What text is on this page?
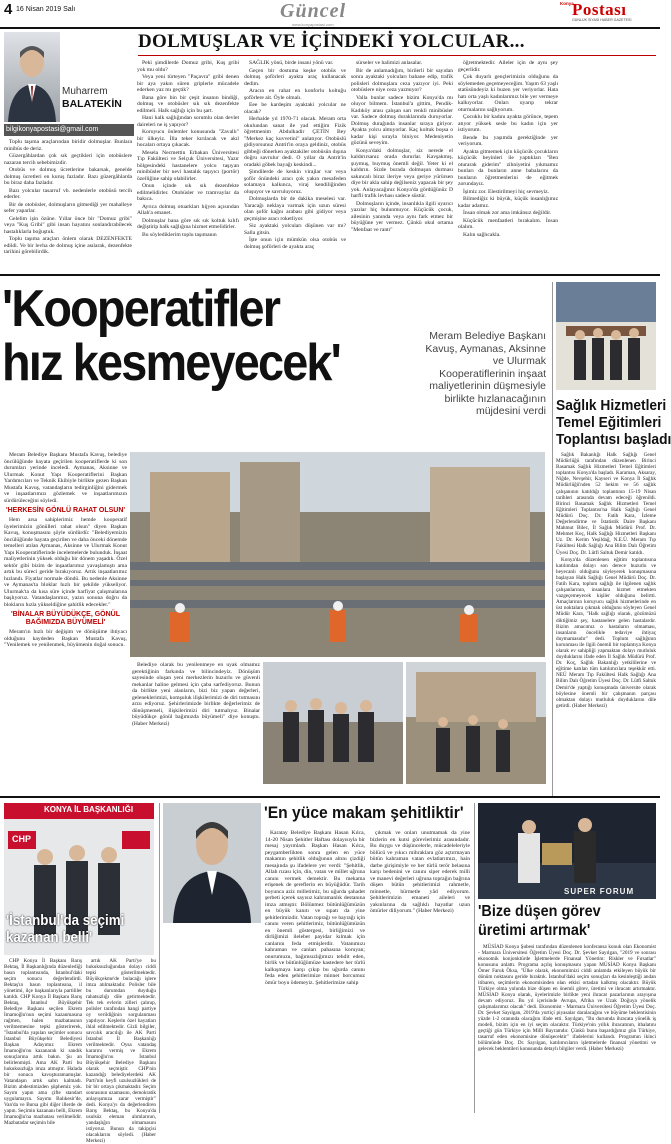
4 16 Nisan 2019 Salı	Güncel
www.konyapostasi.com
Konya
Postası
GÜNLÜK SİYASİ HABER GAZETESİ
DOLMUŞLAR VE İÇİNDEKİ YOLCULAR...
Muharrem
BALATEKİN
bilgikonyapostasi@gmail.com

Toplu taşıma araçlarından biridir dolmuşlar. Bunlara minibüs de deriz.

Güzergâhlardan çok sık geçtikleri için otobüslere nazaran tercih sebebimizdir.

Otobüs ve dolmuş ücretlerine bakarsak, genelde dolmuş ücretleri en kuruş fazladır. Bazı güzergâhlarda bu biraz daha fazladır.

Bazı yolcular tasarruf vb. nedenlerle otobüsü tercih ederler.

Bir de otobüsler, dolmuşların gitmediği yer mahalleye sefer yaparlar.

Gelelim işin özüne. Yıllar önce bir "Domuz gribi" veya "Kuş Gribi" gibi insan hayatını sonlandırabilecek hastalıklarla boğuştuk.

Toplu taşıma araçları önlem olarak DEZENFEKTE edildi. Ve bir levha de dolmuş içine asılarak, dezenfekte tarihini görebilirdik.

Peki şimdilerde Domuz gribi, Kuş gribi yok mu oldu?

Veya yeni türteyen "Paçavra" gribi denen bir aya yakın süren griplerle mücadele ederken yaz mı geçtik?

Bana göre bin bir çeşit insanın bindiği, dolmuş ve otobüsler sık sık dezenfekte edilmeli. Halk sağlığı için bu şart.

Hani halk sağlığından sorumlu olan devlet daireleri ne iş yapıyor?

Koruyucu önlemler konusunda "Zavallı" bir ülkeyiz. İlla teker kırılacak ve akıl hocaları ortaya çıkacak.

Mesela Necmettin Erbakan Üniversitesi Tıp Fakültesi ve Selçuk Üniversitesi, Yazır bölgesindeki hastanelere yolcu taşıyan minibüsler bir nevi hastalık taşıyıcı (portör) özelliğine sahip olabilirler.

Onun içinde sık sık dezenfekte edilmelidirler. Otobüsler ve tramvaylar da bakıca.

Ayrıca dolmuş otuarkları hijyen açısından Allah'a emanet.

Dolmuşlar bana göre sık sık koltuk kılıfı değiştirip halk sağlığına hizmet etmelidirler.

Bu söylediklerim toplu taşımanın

SAĞLIK yönü, birde insani yönü var.

Geçen bir dostuma keşke otobüs ve dolmuş şoförleri ayakta araç kullanacak dedim.

Aracın en rahat en konforlu koltuğu şoförlere ait. Öyle olmalı.

Eee be kardeşim ayaktaki yolcular ne olacak?

Herhalde yıl 1970-71 olacak. Meram orta okulundan sanat ile yad ettiğim Fizik öğretmenim Abdulkadir ÇETİN Bey "Merkez kaç kuvvetini" anlatıyor. Otobüslü gidiyorsunuz Antrit'in oraya geldiniz, otobüs gibbeği dönerken ayaktakiler otobüsün dışına doğru savrulur dedi. O yıllar da Antrit'in oradaki göbek bayağı keskindi...

Şimdilerde de keskin virajlar var veya şoför önündeki aracı çok yakın mesafeden solamaya kalkınca, viraj kendiliğinden oluşuyor ve savruluyoruz.

Dolmuşlarda bir de dakika meselesi var. Yaracağı neklaya varmak için uzun süresi olan şoför kağnı arabası gibi gidiyor veya geçmişine aracı roketliyor.

Siz ayaktaki yolcuları düşünen var mı? Salla gitsin.

İşte onun için mümkün olsa otobüs ve dolmuş şoförleri de ayakta araç

sürseler ve halimizi anlasalar.

Bir de anlamadığım, birilerli bir sayıdan sonra ayaktaki yolcuları bahane edip, trafik polisleri dolmuşlara ceza yazıyor iyi. Peki otobüslere niye ceza yazmıyor?

Valla bunlar sadece bizim Konya'da mı oluyor bilmem. İstanbul'a gittim, Pendik-Kadıköy arası çalışan sarı renkli minibüsler var. Sadece dolmuş duraklarında duruyorlar. Dolmuş durağında insanlar sıraya giriyor. Ayakta yolcu almıyorlar. Kaç koltuk boşsa o kadar kişi sırayla biniyor. Medeniyetin gözünü seveyim.

Konya'daki dolmuşlar, siz nerede el kaldırırsanız orada dururlar. Kavşakmış, şuymuş, buymuş önemli değil. Yeter ki el kaldırın. Sizde burada dolmuşun durması sakıncalı biraz ileriye veya geriye yürürsen diye bir akla sahip değilseniz yapacak bir şey yok. Anlayacağınız Konya'da gördüğünüz D harfli trafik levhası sadece süstür.

Dolmuşların içinde, insanlıkla ilgili uyarıcı yazılar hiç bulunmuyor. Küçücük çocuk, ailesinin yanında veya aynı fark etmez bir büyüğüne yer vermez. Çünkü okul ortama "Menfaat ve rantı"

öğretmektedir. Aileler için de aynı şey geçerlidir.

Çok duyarlı gençlerimizin olduğunu da söylemeden geçemeyeceğim. Yaşım 63 yaşlı statüsündeyiz ki buzen yer veriyorlar. Hata hatı orta yaşlı kadınlarımız bile yer vermeye kalkıyorlar. Onları uyarıp tekrar oturmalarını sağlıyorum.

Çocuklu bir kadını ayakta görünce, tepem atıyor yüksek sesle bu kadın için yer istiyorum.

Bende bu yaşımda gerektiğinde yer veriyorum.

Ayakta gitmemek için küçücük çocukların küçücük beyinleri ile yaptıkları "Ben oturarak giderim" zihniyetini yıkmamız bunları da bunların anne babalarını da bunların öğretmenlerini de eğitmek zorundayız.

İşimiz zor. Elestirilmeyi hiç sevmeyiz.

Bilmediğiz ki büyük, küçük insanlığımız kadar adamız.

İnsan olmak zor ama imkânsız değildir.

Küçücük menfaatleri bırakalım. İnsan olalım.

Kalın sağlıcakla.

'Kooperatifler
hız kesmeyecek'	Meram Belediye Başkanı Kavuş, Aymanas, Aksinne ve Ulurmak Kooperatiflerinin inşaat maliyetlerinin düşmesiyle birlikte hızlanacağının müjdesini verdi

Meram Belediye Başkanı Mustafa Kavuş, belediye öncülüğünde hayata geçirilen kooperatiflerde ki son durumları yerinde inceledi. Aymanas, Aksinne ve Ulurmak Konut Yapı Kooperatiflerini Başkan Yardımcıları ve Teknik Ekibiyle birlikte gezen Başkan Mustafa Kavuş, vatandaşların tedirginliğini gidermek ve inşaatlarımızı gözlemek ve inşaatlarımızın sürdürüleceğini söyledi.

'HERKESİN GÖNLÜ RAHAT OLSUN'

Hem arsa sahiplerimiz hemde kooperatif üyelerimizin gönülleri rahat olsun" diyen Başkan Kavuş, konuşmasını şöyle sürdürdü: "Belediyemizin öncülüğünde hayata geçirilen ve daha önceki dönemde temelleri atılan Aymanas, Aksinne ve Ulurmak Konut Yapı Kooperatiflerinde incelemelerde bulunduk. İnşaat maliyetlerinin yüksek olduğu bir dönem yaşadık. Özel sektör gibi bizim de inşaatlarımız yavaşlamıştı ama artık bu süreci geride bırakıyoruz. Artık inşaatlarımız hızlandı. Fiyatlar normale döndü. Bu nedenle Aksinne ve Aymanas'ta bloklar hızlı bir şekilde yükseliyor. Ulurmak'ta da kısa süre içinde harfiyat çalışmalarına başlıyoruz. Vatandaşlarımız, yazın sonuna doğru da blokların hızla yükseldiğine şahitlik edecekler."

'BİNALAR BÜYÜDÜKÇE, GÖNÜL BAĞIMIZDA BÜYÜMELİ'

Meram'ın hızlı bir değişim ve dönüşüme ihtiyacı olduğunu kaydeden Başkan Mustafa Kavuş, "Yenilemek ve yenilenmek, büyümenin doğal sonucu.

Belediye olarak bu yenilenmeye en uyak olmamız gerektiğinin farkında ve bilincindeyiz. Dönüşüm sayesinde oluşan yeni merkezlerin huzurlu ve güvenli mekanlar haline gelmesi için çaba sarfediyoruz. Bunun da birlikte yeni alanların, bizi biz yapan değerleri, geleneklerimizi, komşuluk ilişkilerimizi de diri tutmasını arzu ediyoruz. Şehirlerimizde birlikte değerlerimiz de dönüşmemeli, ilişkilerimizi diri tutmalıyız. Binalar büyüdükçe gönül bağımızda büyümeli" diye konuştu. (Haber Merkezi)

Sağlık Hizmetleri
Temel Eğitimleri
Toplantısı başladı

Sağlık Bakanlığı Halk Sağlığı Genel Müdürlüğü tarafından düzenlenen Birinci Basamak Sağlık Hizmetleri Temel Eğitimleri toplantısı Konya'da başladı. Karaman, Aksaray, Niğde, Nevşehir, Kayseri ve Konya İl Sağlık Müdürlüğü'nden 52 hekim ve 56 sağlık çalışanının katıldığı toplantının 15-19 Nisan tarihleri arasında devam edeceği öğrenildi. Birinci Basamak Sağlık Hizmetleri Temel Eğitimleri Toplantısı'na Halk Sağlığı Genel Müdürü Doç. Dr. Fatih Kara, İzleme Değerlendirme ve İstatistik Daire Başkanı Mahmut Bilec, İl Sağlık Müdürü Prof. Dr. Mehmet Koç, Halk Sağlığı Hizmetleri Başkanı Uz. Dr. Kerim Yeşildağ, N.E.Ü. Meram Tıp Fakültesi Halk Sağlığı Ana Bilim Dalı Öğretim Üyesi Doç. Dr. Lütfi Saltuk Demir katıldı.

Konya'da düzenlenen eğitim toplantısına katılımdan dolayı son derece huzurlu ve heyecanlı olduğunu söyleyerek konuşmasına başlayan Halk Sağlığı Genel Müdürü Doç. Dr. Fatih Kara, toplum sağlığı ile ilgilenen sağlık çalışanlarının, insanlara hizmet etmekten vazgeçemeyecek kişiler olduğunu belirtti. Amaçlarının koruyucu sağlık hizmetlerinde en üst noktalara çıkmak olduğunu söyleyen Genel Müdür Kara, "Halk sağlığı olarak, gözümüzü diktiğimiz şey, hastanelere gelen hastalardır. Bizim amacımız o hastaların olmaması, insanların öncelikle tedaviye ihtiyaç duymamasıdır" dedi. Toplum sağlığının korunması ile ilgili önemli bir toplantıya Konya olarak ev sahipliği yapmaktan dolayı mutluluk duyduklarını ifade eden İl Sağlık Müdürü Prof. Dr. Koç, Sağlık Bakanlığı yetkililerine ve eğitime katılan tüm katılımcılara teşekkür etti. NEÜ Meram Tıp Fakültesi Halk Sağlığı Ana Bilim Dalı Öğretim Üyesi Doç. Dr. Lütfi Saltuk Demir'de yaptığı konuşmada üniversite olarak böylesine önemli bir çalışmanın parçası olmaktan dolayı mutluluk duyduklarını dile getirdi. (Haber Merkezi)

KONYA İL BAŞKANLIĞI
CHP
'İstanbul'da seçimi
kazanan belli'

CHP Konya İl Başkanı Barış Bektaş, İl Başkanlığında düzenlediği basın toplantısında, İstanbul'daki seçim sonucu değerlendirdi. Bektaş'ın basın toplantısına, il yönetimi, ilçe başkanlarıyla partililer katıldı. CHP Konya İl Başkanı Barış Bektaş, İstanbul Büyükşehir Belediye Başkanı seçilen Ekrem İmamoğlu'nun seçimi kazanmasına rağmen, halen mazbatasının verilmemesine tepki gösterirerek, "İstanbul'da yapılan seçimler sonucu İstanbul Büyükşehir Belediyesi Başkan Adayımız Ekrem İmamoğlu'nu kazanarak ki sandık sonuçlarına artık bakın. Şu an belirlenmişti. Ama AK Parti bu hukuksuzluğa imza atmıştır. Halada bir sonuca kavuşturamamışlar. Vatandaşın artık sabrı kalmadı. Bizim abdestimizden şüphemiz yok. Sayım yapın ama çifte standart uygulamayın. Sayımı Balıkesir'de, Van'da ve Bursa gibi diğer illerde de yapın. Seçimin kazananı belli, Ekrem İmamoğlu'na mazbatası verilmelidir. Mazbatadar seçimin bile

artık AK Parti'ye bu hukuksuzluğundan dolayı ciddi tepki gösterilmektedir. Büyükçekme'de bulacağı işlere imza atılmaktadır. Polisler bile bu durumdan duyduğu rahatsızlığı dile getirmektedir. Tek tek evlerin zilleri çalınıp, polisler tarafından hangi partiye oy verildiğinin sorgulanması yapılıyor. Keşlerin özel hayatları ihlal edilmektedir. Gizli bilgiler, savcılık aracılığı ile AK Parti İstanbul İl Başkanlığı verilmektedir. Oysa vatandaş kararını vermiş ve Ekrem İmamoğlu'nu İstanbul Büyükşehir Belediye Başkanı olarak seçmiştir. CHP'nin kazandığı belediyelerdeki AK Parti'nin keyfi uzulsuzlükleri de bir bir ortaya çıkmaktadır. Seçim sonrasının uzamasını, demokratik anlayışımıza zarar vermiştir" dedi. Konya'yı da değerlendiren Barış Bektaş, bu Konya'da usulsüz eleman alımlarının, yandaşlığın olmamasını istiyoruz. Bunun da takipçisi olacaklarını söyledi. (Haber Merkezi)

'En yüce makam şehitliktir'

Karatay Belediye Başkanı Hasan Kılca, 14-20 Nisan Şehitler Haftası dolayısıyla bir mesaj yayımladı. Başkan Hasan Kılca, peygamberlikten sonra gelen en yüce makamın şehitlik olduğunun altını çizdiği mesajında şu ifadelere yer verdi: "Şehitlik, Allah rızası için, din, vatan ve millet uğruna canını vermek demektir. Bu mekama erişenek de şereflerin en büyüğüdür. Tarih boyunca aziz milletimiz, bu uğurda şahadet şerbeti içerek sayısız kahramanlık destanına imza atmıştır. Bölünmez bütünlüğümüzün en büyük kanıtı ve sıpatı da yine şehitlerimizdir. Vatan toprağı ve bayrağı için canını veren şehitlerimiz, bütünlüğümüzün en önemli göstergesi, birliğimizi ve dirliğimizi ilelebet payidar kılmak için canlarını feda etmişlerdir. Vatanımızı kahraman ve canları pahasına koruyan; onurumuzu, bağımsızlığımızı tehdit eden, birlik ve bütünlüğümüze kastedere her türlü kalkışmaya karşı çıkıp bu uğurda canını feda eden şehitlerimize minnet borcumuz ömür boyu ödemeyiz. Şehitlerimize sahip

çıkmak ve onları unutmamak da yine bizlerin en kutsi görevlerimiz arasındadır. Bu duygu ve düşüncelerle, mücadeleleriyle bölücü ve yıkıcı mihraklara göz açtırmayan bütün kahraman vatan evlatlarımızı, hain darbe girişimiyle ve her türlü terör belasına karşı bedenini ve canını siper ederek milli ve manevi değerleri uğruna toprağın bağrına düşen bütün şehitlerimizi rahmetle, minnetle, hürmetle yâd ediyorum. Şehitlerimizin emaneti aileleri ve yakınlarına da sağlıklı hayatlar uzun ömürler diliyorum." (Haber Merkezi)

SUPER FORUM
'Bize düşen görev
üretimi artırmak'

MÜSİAD Konya Şubesi tarafından düzenlenen konferansa konuk olan Ekonomist - Marmara Üniversitesi Öğretim Üyesi Doç. Dr. Şevket Sayılgan, "2019 ve sonrası ekonomik konjonktürde İşletmelerde Finansal Yönetim: Riskler ve Fırsatlar" konusunu anlattı. Programa açılış konuşmasını yapan MÜSİAD Konya Başkanı Ömer Faruk Öksa, "Ülke olarak, ekonomimizi ciddi anlamda etkileyen büyük bir dönüm noktasını geride bıraktık. İstanbul'daki seçim sonuçları da kesinleştiği andan itibaren, seçimlerin ekonomisinden olan etkisi ortadan kalkmış olacaktır. Büyük Türkiye olma yolunda bize düşen en önemli görev, üretimi ve ihracatı artırmaktır. MÜSİAD Konya olarak, üyelerimizle birlikte yeni ihracat pazarlarının arayışına devam ediyoruz. Bu yıl içerisinde Avrupa, Afrika ve Uzak Doğuya yönelik çalışmalarımız olacak" dedi. Ekonomist - Marmara Üniversitesi Öğretim Üyesi Doç. Dr. Şevket Sayılgan, 2019'da yurtiçi piyasalar daralacağını ve büyüme beklentisinin yüzde 1-2 oranında olacağını ifade etti. Sayılgan, "Bu durumda ihracata yönelik iş modeli, bizim için en iyi seçim olacaktır. Türkiye'nin yıllık ihracatının, ithalatını geçtiği gün Türkiye için Milli Bayramdır. Çünkü bunu başardığımız gün Türkiye, tasarruf eden ekonomisine dönüşecektir" ifadelerini kullandı. Programın ikinci bölümünde Doç. Dr. Sayılgan, katılımcıların işletmelerde finansal yönetimi ve gelecek beklentileri konusunda detaylı bilgiler verdi. (Haber Merkezi)
